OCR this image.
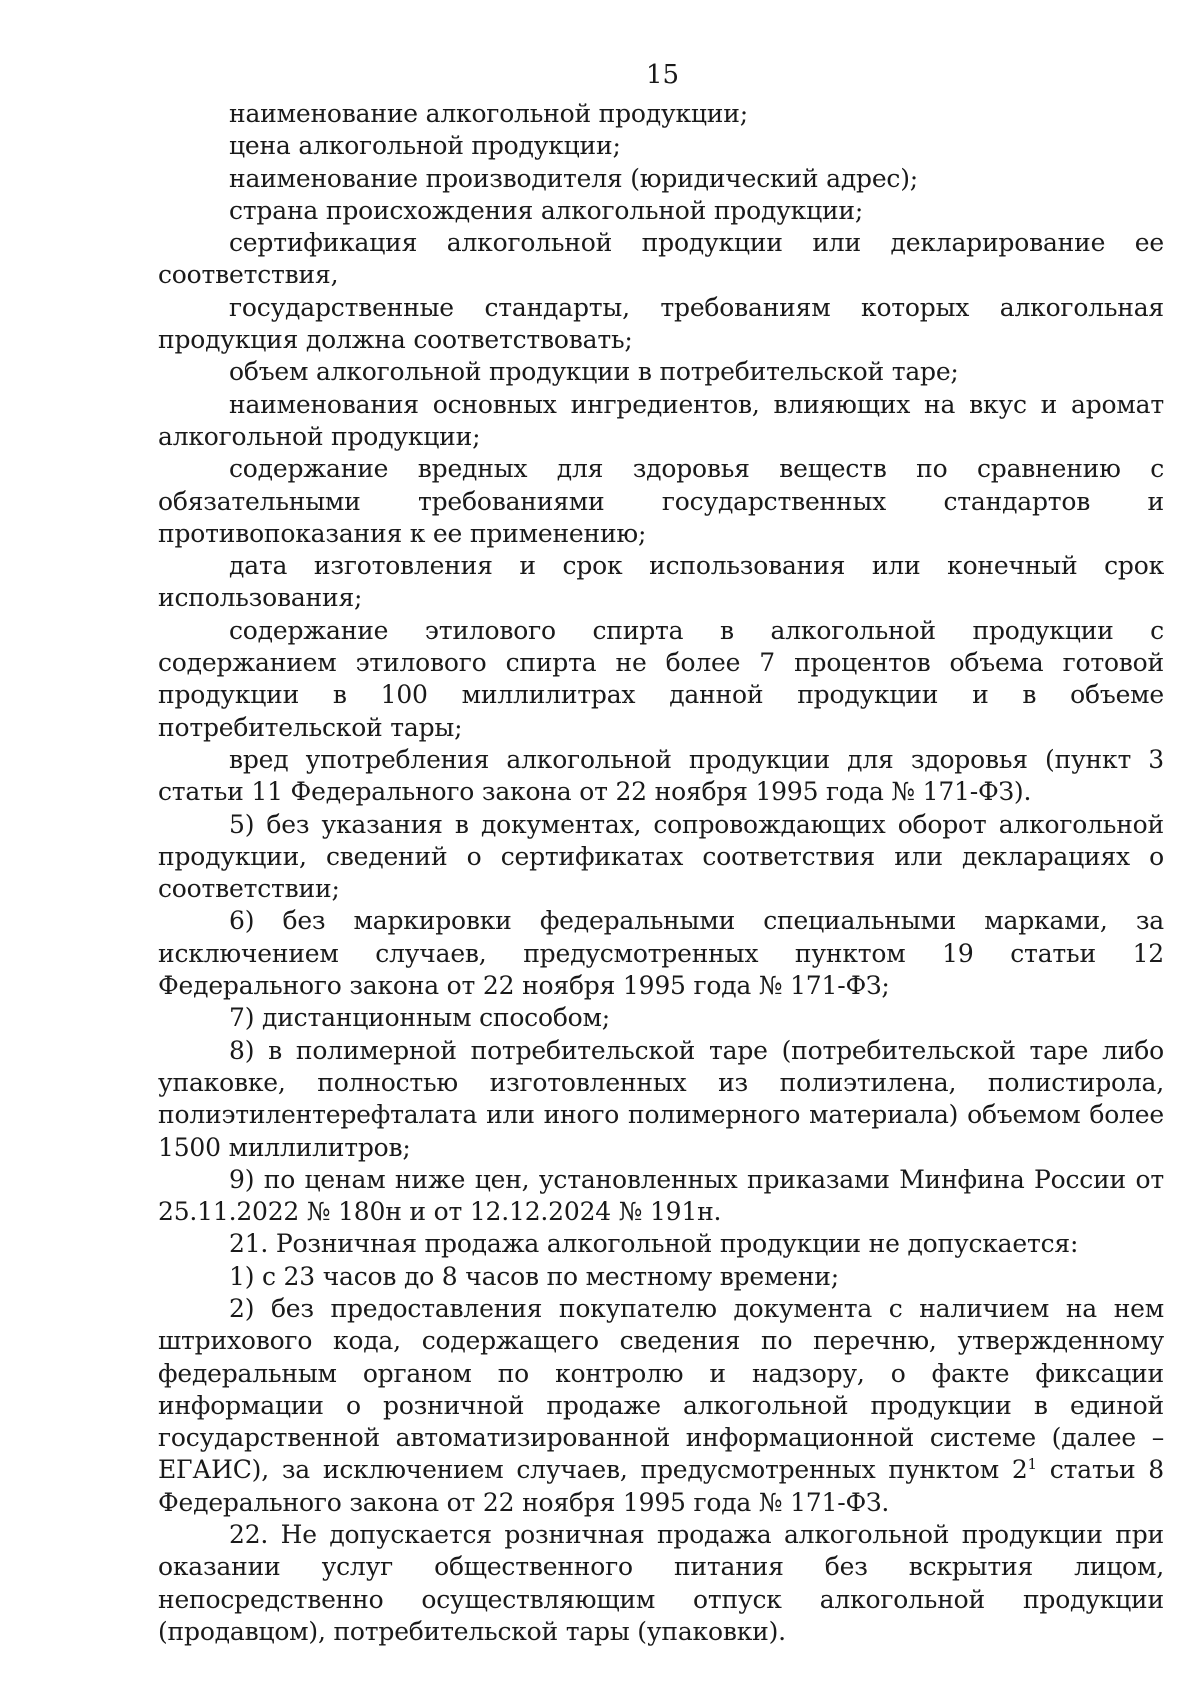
15

наименование алкогольной продукции;

цена алкогольной продукции;

наименование производителя (юридический адрес);

страна происхождения алкогольной продукции;

сертификация алкогольной продукции или декларирование ее соответствия,

государственные стандарты, требованиям которых алкогольная продукция должна соответствовать;

объем алкогольной продукции в потребительской таре;

наименования основных ингредиентов, влияющих на вкус и аромат алкогольной продукции;

содержание вредных для здоровья веществ по сравнению с обязательными требованиями государственных стандартов и противопоказания к ее применению;

дата изготовления и срок использования или конечный срок использования;

содержание этилового спирта в алкогольной продукции с содержанием этилового спирта не более 7 процентов объема готовой продукции в 100 миллилитрах данной продукции и в объеме потребительской тары;

вред употребления алкогольной продукции для здоровья (пункт 3 статьи 11 Федерального закона от 22 ноября 1995 года № 171-ФЗ).

5) без указания в документах, сопровождающих оборот алкогольной продукции, сведений о сертификатах соответствия или декларациях о соответствии;

6) без маркировки федеральными специальными марками, за исключением случаев, предусмотренных пунктом 19 статьи 12 Федерального закона от 22 ноября 1995 года № 171-ФЗ;

7) дистанционным способом;

8) в полимерной потребительской таре (потребительской таре либо упаковке, полностью изготовленных из полиэтилена, полистирола, полиэтилентерефталата или иного полимерного материала) объемом более 1500 миллилитров;

9) по ценам ниже цен, установленных приказами Минфина России от 25.11.2022 № 180н и от 12.12.2024 № 191н.

21. Розничная продажа алкогольной продукции не допускается:

1) с 23 часов до 8 часов по местному времени;

2) без предоставления покупателю документа с наличием на нем штрихового кода, содержащего сведения по перечню, утвержденному федеральным органом по контролю и надзору, о факте фиксации информации о розничной продаже алкогольной продукции в единой государственной автоматизированной информационной системе (далее – ЕГАИС), за исключением случаев, предусмотренных пунктом $2^1$ статьи 8 Федерального закона от 22 ноября 1995 года № 171-ФЗ.

22. Не допускается розничная продажа алкогольной продукции при оказании услуг общественного питания без вскрытия лицом, непосредственно осуществляющим отпуск алкогольной продукции (продавцом), потребительской тары (упаковки).
